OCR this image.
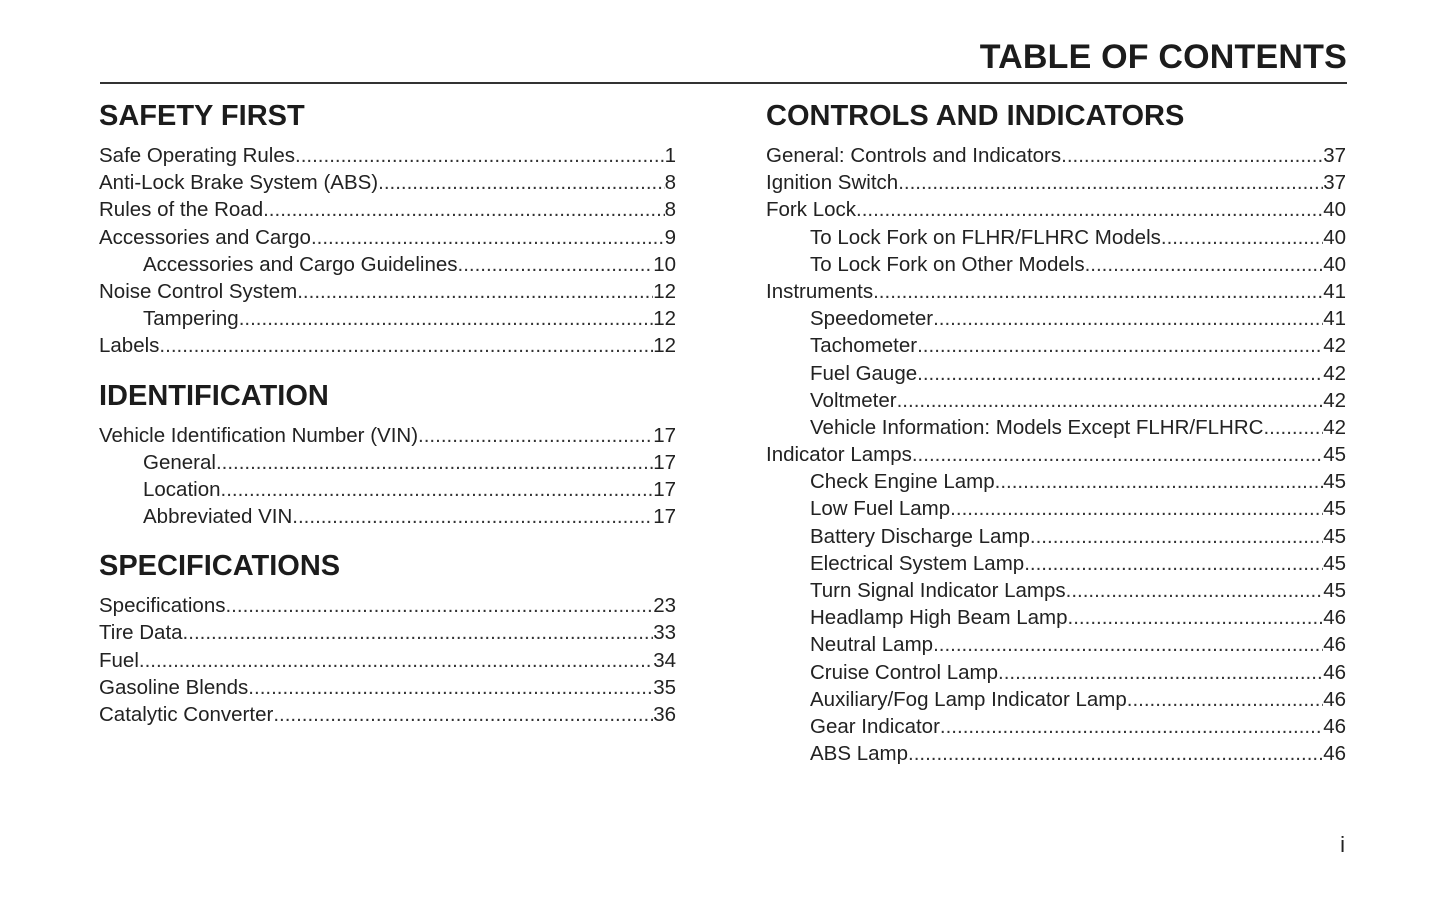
TABLE OF CONTENTS
SAFETY FIRST
Safe Operating Rules .....	1
Anti-Lock Brake System (ABS) .....	8
Rules of the Road .....	8
Accessories and Cargo .....	9
Accessories and Cargo Guidelines .....	10
Noise Control System .....	12
Tampering .....	12
Labels .....	12
IDENTIFICATION
Vehicle Identification Number (VIN) .....	17
General .....	17
Location .....	17
Abbreviated VIN .....	17
SPECIFICATIONS
Specifications .....	23
Tire Data .....	33
Fuel .....	34
Gasoline Blends .....	35
Catalytic Converter .....	36
CONTROLS AND INDICATORS
General: Controls and Indicators .....	37
Ignition Switch .....	37
Fork Lock .....	40
To Lock Fork on FLHR/FLHRC Models .....	40
To Lock Fork on Other Models .....	40
Instruments .....	41
Speedometer .....	41
Tachometer .....	42
Fuel Gauge .....	42
Voltmeter .....	42
Vehicle Information: Models Except FLHR/FLHRC .....	42
Indicator Lamps .....	45
Check Engine Lamp .....	45
Low Fuel Lamp .....	45
Battery Discharge Lamp .....	45
Electrical System Lamp .....	45
Turn Signal Indicator Lamps .....	45
Headlamp High Beam Lamp .....	46
Neutral Lamp .....	46
Cruise Control Lamp .....	46
Auxiliary/Fog Lamp Indicator Lamp .....	46
Gear Indicator .....	46
ABS Lamp .....	46
i
